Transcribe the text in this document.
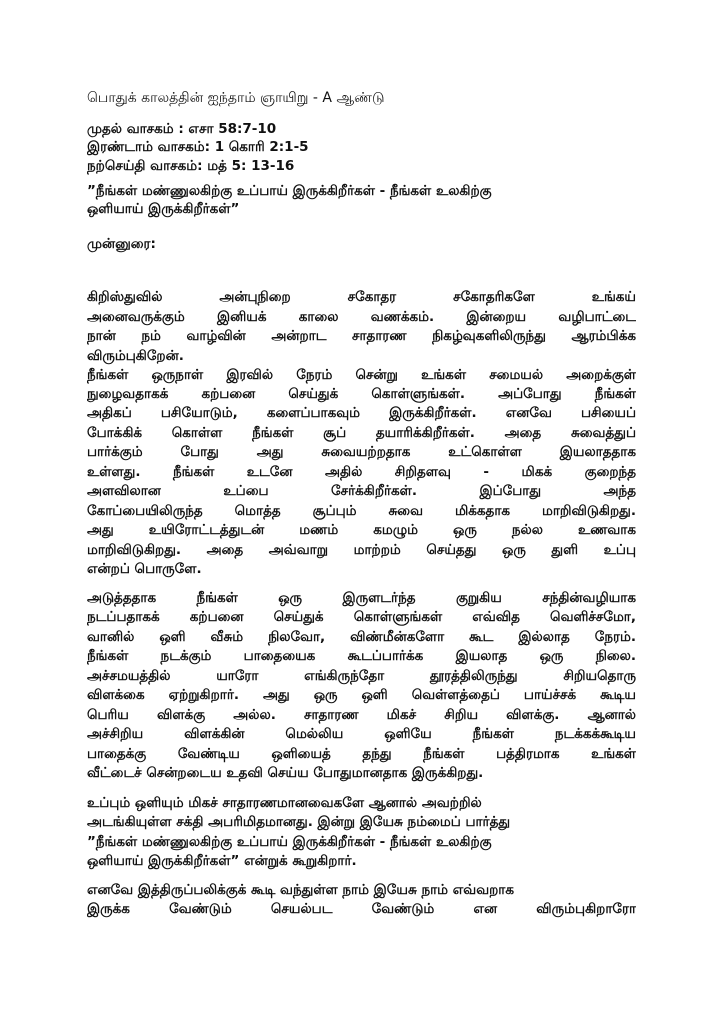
பொதுக் காலத்தின் ஐந்தாம் ஞாயிறு - A ஆண்டு
முதல் வாசகம் : எசா 58:7-10
இரண்டாம் வாசகம்: 1 கொரி 2:1-5
நற்செய்தி வாசகம்: மத் 5: 13-16
”நீங்கள் மண்ணுலகிற்கு உப்பாய் இருக்கிறீர்கள் - நீங்கள் உலகிற்கு
ஒளியாய் இருக்கிறீர்கள்”
முன்னுரை:
கிறிஸ்துவில் அன்புநிறை சகோதர சகோதரிகளே உங்கய்
அனைவருக்கும் இனியக் காலை வணக்கம். இன்றைய வழிபாட்டை
நான் நம் வாழ்வின் அன்றாட சாதாரண நிகழ்வுகளிலிருந்து ஆரம்பிக்க
விரும்புகிறேன்.
நீங்கள் ஒருநாள் இரவில் நேரம் சென்று உங்கள் சமையல் அறைக்குள்
நுழைவதாகக் கற்பனை செய்துக் கொள்ளுங்கள். அப்போது நீங்கள்
அதிகப் பசியோடும், களைப்பாகவும் இருக்கிறீர்கள். எனவே பசியைப்
போக்கிக் கொள்ள நீங்கள் சூப் தயாரிக்கிறீர்கள். அதை சுவைத்துப்
பார்க்கும் போது அது சுவையற்றதாக உட்கொள்ள இயலாததாக
உள்ளது. நீங்கள் உடனே அதில் சிறிதளவு - மிகக் குறைந்த
அளவிலான உப்பை சேர்க்கிறீர்கள். இப்போது அந்த
கோப்பையிலிருந்த மொத்த சூப்பும் சுவை மிக்கதாக மாறிவிடுகிறது.
அது உயிரோட்டத்துடன் மணம் கமழும் ஒரு நல்ல உணவாக
மாறிவிடுகிறது. அதை அவ்வாறு மாற்றம் செய்தது ஒரு துளி உப்பு
என்றப் பொருளே.
அடுத்ததாக நீங்கள் ஒரு இருளடர்ந்த குறுகிய சந்தின்வழியாக
நடப்பதாகக் கற்பனை செய்துக் கொள்ளுங்கள் எவ்வித வெளிச்சமோ,
வானில் ஒளி வீசும் நிலவோ, விண்மீன்களோ கூட இல்லாத நேரம்.
நீங்கள் நடக்கும் பாதையைக கூடப்பார்க்க இயலாத ஒரு நிலை.
அச்சமயத்தில் யாரோ எங்கிருந்தோ தூரத்திலிருந்து சிறியதொரு
விளக்கை ஏற்றுகிறார். அது ஒரு ஒளி வெள்ளத்தைப் பாய்ச்சக் கூடிய
பெரிய விளக்கு அல்ல. சாதாரண மிகச் சிறிய விளக்கு. ஆனால்
அச்சிறிய விளக்கின் மெல்லிய ஒளியே நீங்கள் நடக்கக்கூடிய
பாதைக்கு வேண்டிய ஒளியைத் தந்து நீங்கள் பத்திரமாக உங்கள்
வீட்டைச் சென்றடைய உதவி செய்ய போதுமானதாக இருக்கிறது.
உப்பும் ஒளியும் மிகச் சாதாரணமானவைகளே ஆனால் அவற்றில்
அடங்கியுள்ள சக்தி அபரிமிதமானது. இன்று இயேசு நம்மைப் பார்த்து
”நீங்கள் மண்ணுலகிற்கு உப்பாய் இருக்கிறீர்கள் - நீங்கள் உலகிற்கு
ஒளியாய் இருக்கிறீர்கள்” என்றுக் கூறுகிறார்.
எனவே இத்திருப்பலிக்குக் கூடி வந்துள்ள நாம் இயேசு நாம் எவ்வறாக
இருக்க வேண்டும் செயல்பட வேண்டும் என விரும்புகிறாரோ
